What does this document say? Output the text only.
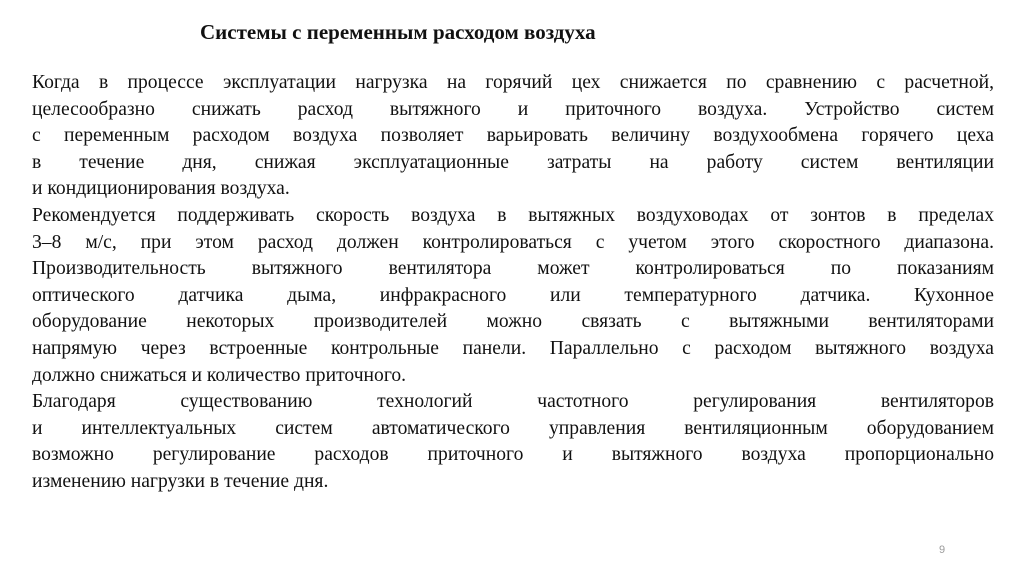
Системы с переменным расходом воздуха

Когда в процессе эксплуатации нагрузка на горячий цех снижается по сравнению с расчетной,
целесообразно снижать расход вытяжного и приточного воздуха. Устройство систем
с переменным расходом воздуха позволяет варьировать величину воздухообмена горячего цеха
в течение дня, снижая эксплуатационные затраты на работу систем вентиляции
и кондиционирования воздуха.

Рекомендуется поддерживать скорость воздуха в вытяжных воздуховодах от зонтов в пределах
3–8 м/с, при этом расход должен контролироваться с учетом этого скоростного диапазона.
Производительность вытяжного вентилятора может контролироваться по показаниям
оптического датчика дыма, инфракрасного или температурного датчика. Кухонное
оборудование некоторых производителей можно связать с вытяжными вентиляторами
напрямую через встроенные контрольные панели. Параллельно с расходом вытяжного воздуха
должно снижаться и количество приточного.

Благодаря существованию технологий частотного регулирования вентиляторов
и интеллектуальных систем автоматического управления вентиляционным оборудованием
возможно регулирование расходов приточного и вытяжного воздуха пропорционально
изменению нагрузки в течение дня.

9
